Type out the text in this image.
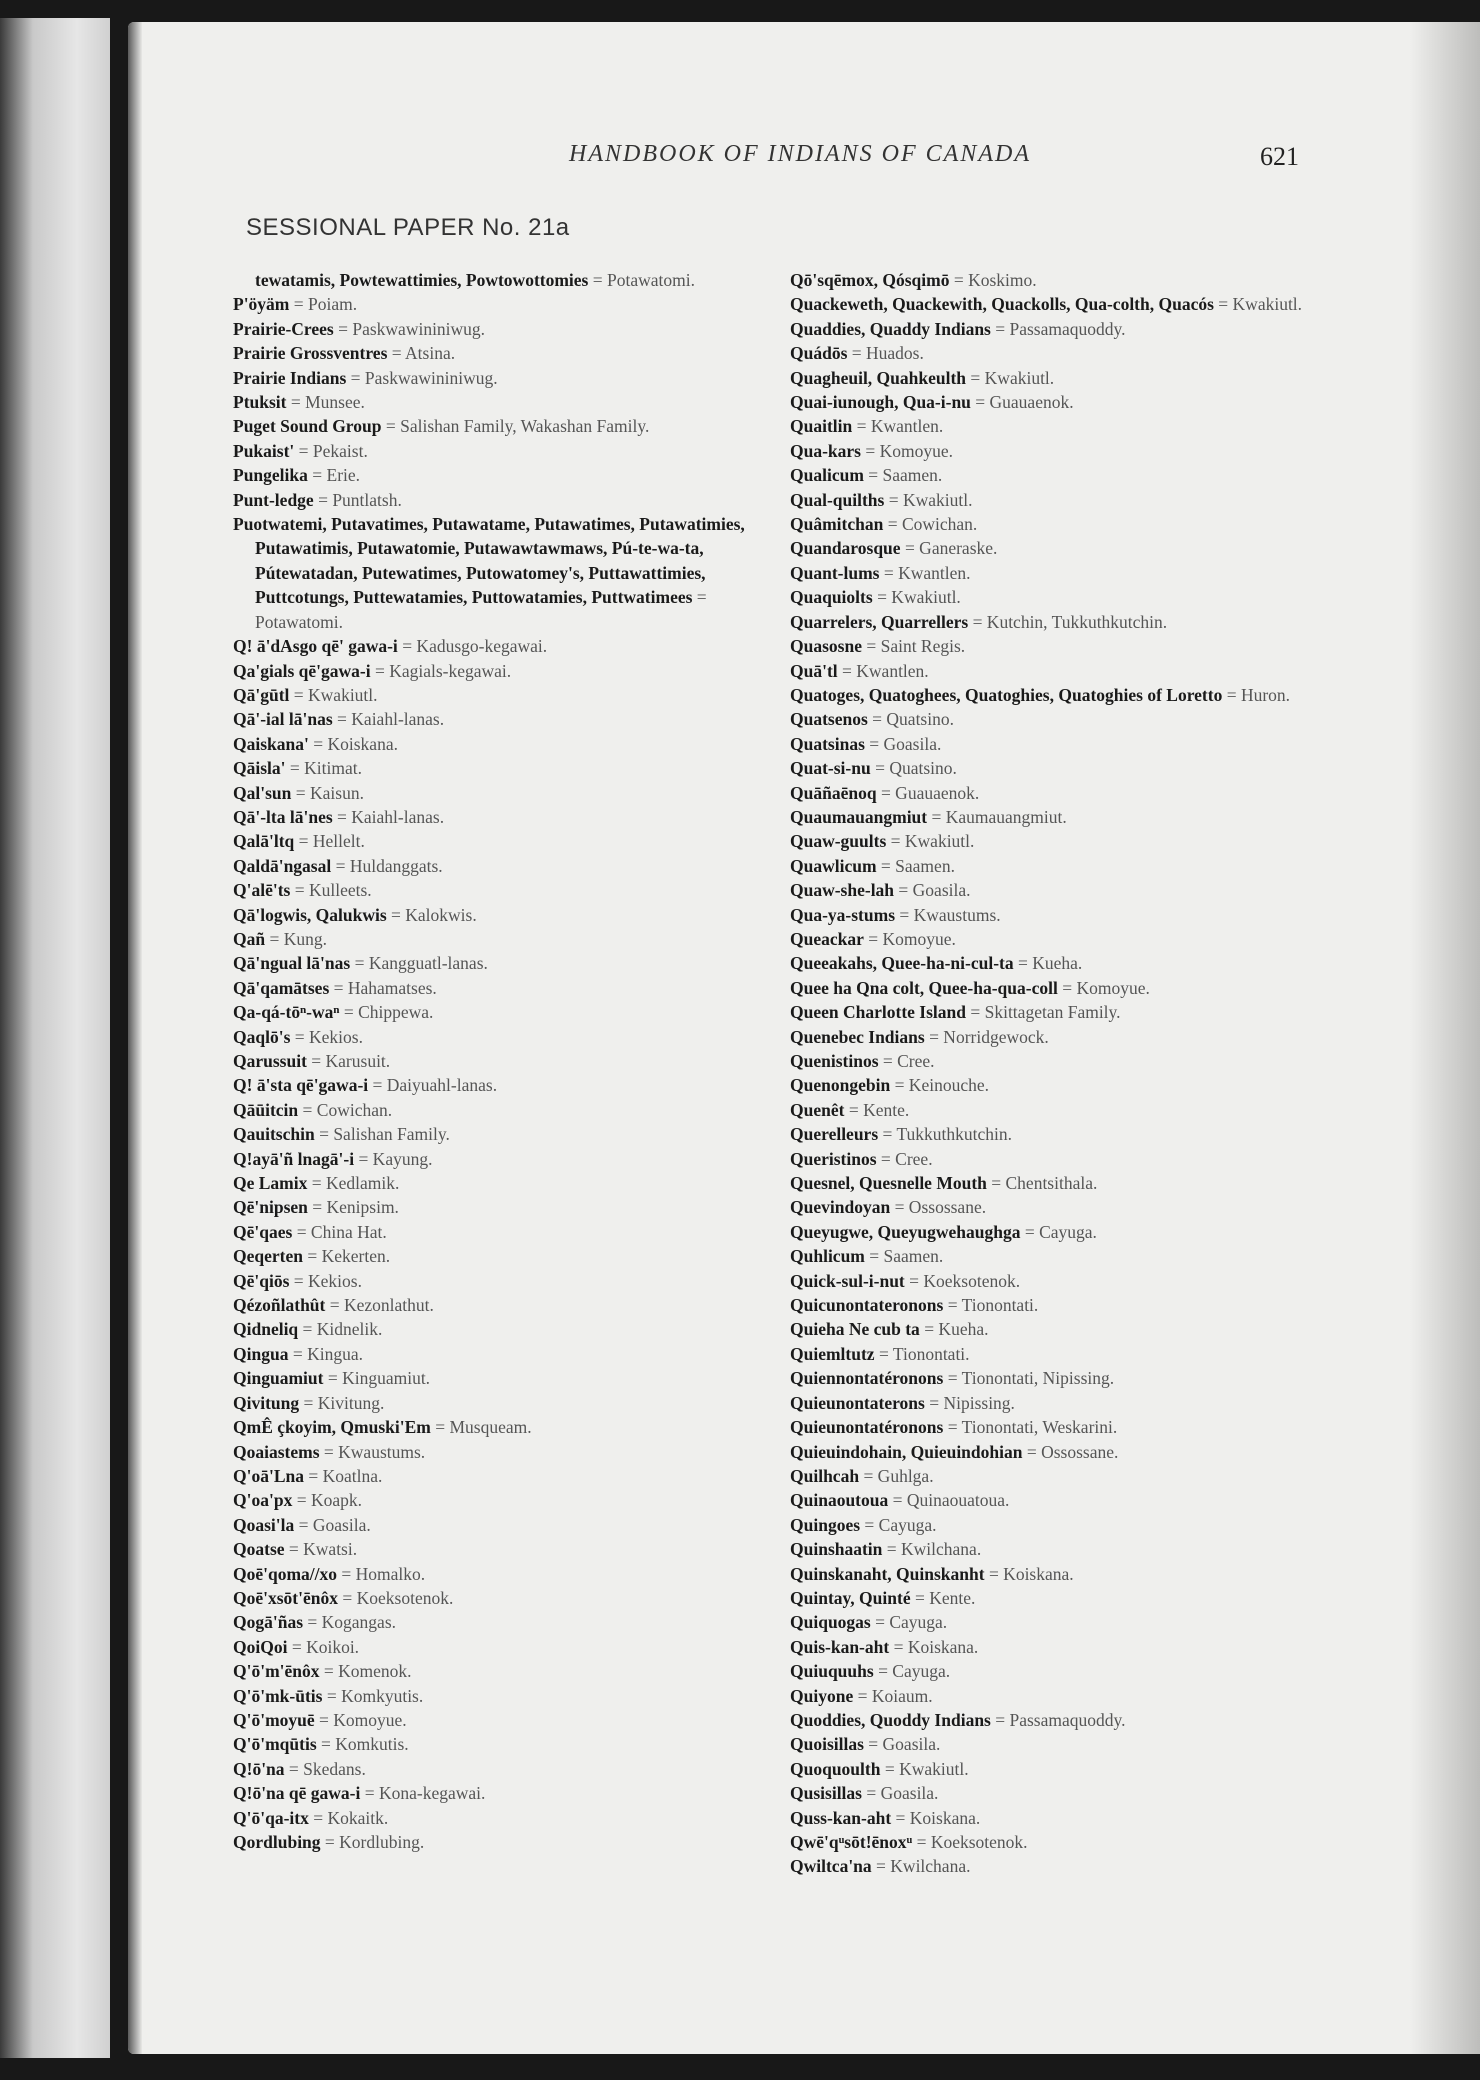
HANDBOOK OF INDIANS OF CANADA	621
SESSIONAL PAPER No. 21a
tewatamis, Powtewattimies, Powtowottomies = Potawatomi.
P'öyäm = Poiam.
Prairie-Crees = Paskwawininiwug.
Prairie Grossventres = Atsina.
Prairie Indians = Paskwawininiwug.
Ptuksit = Munsee.
Puget Sound Group = Salishan Family, Wakashan Family.
Pukaist' = Pekaist.
Pungelika = Erie.
Punt-ledge = Puntlatsh.
Puotwatemi, Putavatimes, Putawatame, Putawatimes, Putawatimies, Putawatimis, Putawatomie, Putawawtawmaws, Pú-te-wa-ta, Pútewatadan, Putewatimes, Putowatomey's, Puttawattimies, Puttcotungs, Puttewatamies, Puttowatamies, Puttwatimees = Potawatomi.
Q! ā'dAsgo qē' gawa-i = Kadusgo-kegawai.
Qa'gials qē'gawa-i = Kagials-kegawai.
Qā'gūtl = Kwakiutl.
Qā'-ial lā'nas = Kaiahl-lanas.
Qaiskana' = Koiskana.
Qāisla' = Kitimat.
Qal'sun = Kaisun.
Qā'-lta lā'nes = Kaiahl-lanas.
Qalā'ltq = Hellelt.
Qaldā'ngasal = Huldanggats.
Q'alē'ts = Kulleets.
Qā'logwis, Qalukwis = Kalokwis.
Qañ = Kung.
Qā'ngual lā'nas = Kangguatl-lanas.
Qā'qamātses = Hahamatses.
Qa-qá-tōⁿ-waⁿ = Chippewa.
Qaqlō's = Kekios.
Qarussuit = Karusuit.
Q! ā'sta qē'gawa-i = Daiyuahl-lanas.
Qāūitcin = Cowichan.
Qauitschin = Salishan Family.
Q!ayā'ñ lnagā'-i = Kayung.
Qe Lamix = Kedlamik.
Qē'nipsen = Kenipsim.
Qē'qaes = China Hat.
Qeqerten = Kekerten.
Qē'qiōs = Kekios.
Qézoñlathût = Kezonlathut.
Qidneliq = Kidnelik.
Qingua = Kingua.
Qinguamiut = Kinguamiut.
Qivitung = Kivitung.
QmÊ çkoyim, Qmuski'Em = Musqueam.
Qoaiastems = Kwaustums.
Q'oā'Lna = Koatlna.
Q'oa'px = Koapk.
Qoasi'la = Goasila.
Qoatse = Kwatsi.
Qoē'qoma//xo = Homalko.
Qoē'xsōt'ēnôx = Koeksotenok.
Qogā'ñas = Kogangas.
QoiQoi = Koikoi.
Q'ō'm'ēnôx = Komenok.
Q'ō'mk-ūtis = Komkyutis.
Q'ō'moyuē = Komoyue.
Q'ō'mqūtis = Komkutis.
Q!ō'na = Skedans.
Q!ō'na qē gawa-i = Kona-kegawai.
Q'ō'qa-itx = Kokaitk.
Qordlubing = Kordlubing.
Qō'sqēmox, Qósqimō = Koskimo.
Quackeweth, Quackewith, Quackolls, Qua-colth, Quacós = Kwakiutl.
Quaddies, Quaddy Indians = Passamaquoddy.
Quádōs = Huados.
Quagheuil, Quahkeulth = Kwakiutl.
Quai-iunough, Qua-i-nu = Guauaenok.
Quaitlin = Kwantlen.
Qua-kars = Komoyue.
Qualicum = Saamen.
Qual-quilths = Kwakiutl.
Quâmitchan = Cowichan.
Quandarosque = Ganeraske.
Quant-lums = Kwantlen.
Quaquiolts = Kwakiutl.
Quarrelers, Quarrellers = Kutchin, Tukkuthkutchin.
Quasosne = Saint Regis.
Quā'tl = Kwantlen.
Quatoges, Quatoghees, Quatoghies, Quatoghies of Loretto = Huron.
Quatsenos = Quatsino.
Quatsinas = Goasila.
Quat-si-nu = Quatsino.
Quāñaēnoq = Guauaenok.
Quaumauangmiut = Kaumauangmiut.
Quaw-guults = Kwakiutl.
Quawlicum = Saamen.
Quaw-she-lah = Goasila.
Qua-ya-stums = Kwaustums.
Queackar = Komoyue.
Queeakahs, Quee-ha-ni-cul-ta = Kueha.
Quee ha Qna colt, Quee-ha-qua-coll = Komoyue.
Queen Charlotte Island = Skittagetan Family.
Quenebec Indians = Norridgewock.
Quenistinos = Cree.
Quenongebin = Keinouche.
Quenêt = Kente.
Querelleurs = Tukkuthkutchin.
Queristinos = Cree.
Quesnel, Quesnelle Mouth = Chentsithala.
Quevindoyan = Ossossane.
Queyugwe, Queyugwehaughga = Cayuga.
Quhlicum = Saamen.
Quick-sul-i-nut = Koeksotenok.
Quicunontateronons = Tionontati.
Quieha Ne cub ta = Kueha.
Quiemltutz = Tionontati.
Quiennontatéronons = Tionontati, Nipissing.
Quieunontaterons = Nipissing.
Quieunontatéronons = Tionontati, Weskarini.
Quieuindohain, Quieuindohian = Ossossane.
Quilhcah = Guhlga.
Quinaoutoua = Quinaouatoua.
Quingoes = Cayuga.
Quinshaatin = Kwilchana.
Quinskanaht, Quinskanht = Koiskana.
Quintay, Quinté = Kente.
Quiquogas = Cayuga.
Quis-kan-aht = Koiskana.
Quiuquuhs = Cayuga.
Quiyone = Koiaum.
Quoddies, Quoddy Indians = Passamaquoddy.
Quoisillas = Goasila.
Quoquoulth = Kwakiutl.
Qusisillas = Goasila.
Quss-kan-aht = Koiskana.
Qwē'qᵘsōt!ēnoxᵘ = Koeksotenok.
Qwiltca'na = Kwilchana.
